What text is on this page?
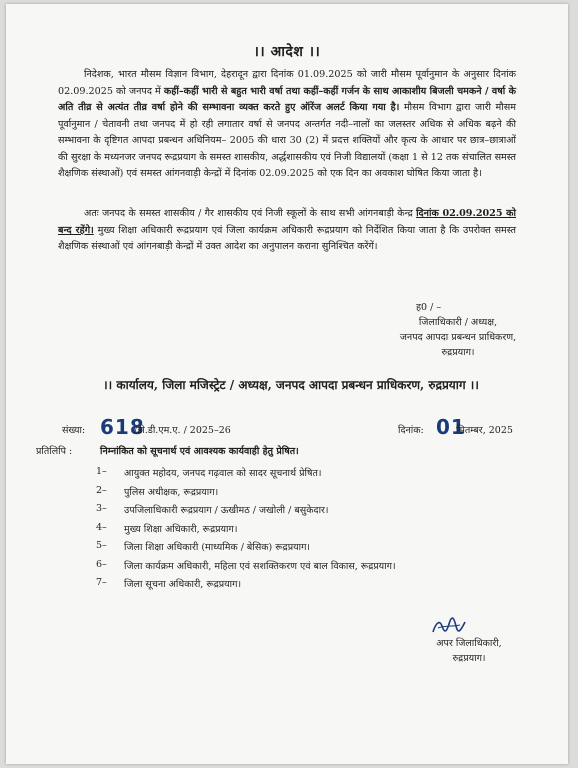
।। आदेश ।।

निदेशक, भारत मौसम विज्ञान विभाग, देहरादून द्वारा दिनांक 01.09.2025 को जारी मौसम पूर्वानुमान के अनुसार दिनांक 02.09.2025 को जनपद में कहीं–कहीं भारी से बहुत भारी वर्षा तथा कहीं–कहीं गर्जन के साथ आकाशीय बिजली चमकने / वर्षा के अति तीव्र से अत्यंत तीव्र वर्षा होने की सम्भावना व्यक्त करते हुए ऑरेंज अलर्ट किया गया है। मौसम विभाग द्वारा जारी मौसम पूर्वानुमान / चेतावनी तथा जनपद में हो रही लगातार वर्षा से जनपद अन्तर्गत नदी–नालों का जलस्तर अधिक से अधिक बढ़ने की सम्भावना के दृष्टिगत आपदा प्रबन्धन अधिनियम– 2005 की धारा 30 (2) में प्रदत्त शक्तियों और कृत्य के आधार पर छात्र–छात्राओं की सुरक्षा के मध्यनजर जनपद रूद्रप्रयाग के समस्त शासकीय, अर्द्धशासकीय एवं निजी विद्यालयों (कक्षा 1 से 12 तक संचालित समस्त शैक्षणिक संस्थाओं) एवं समस्त आंगनवाड़ी केन्द्रों में दिनांक 02.09.2025 को एक दिन का अवकाश घोषित किया जाता है।

अतः जनपद के समस्त शासकीय / गैर शासकीय एवं निजी स्कूलों के साथ सभी आंगनबाड़ी केन्द्र दिनांक 02.09.2025 को बन्द रहेंगे। मुख्य शिक्षा अधिकारी रूद्रप्रयाग एवं जिला कार्यक्रम अधिकारी रूद्रप्रयाग को निर्देशित किया जाता है कि उपरोक्त समस्त शैक्षणिक संस्थाओं एवं आंगनबाड़ी केन्द्रों में उक्त आदेश का अनुपालन कराना सुनिश्चित करेंगें।

ह0 / –
जिलाधिकारी / अध्यक्ष,
जनपद आपदा प्रबन्धन प्राधिकरण,
रुद्रप्रयाग।
।। कार्यालय, जिला मजिस्ट्रेट / अध्यक्ष, जनपद आपदा प्रबन्धन प्राधिकरण, रुद्रप्रयाग ।।
संख्या: 618
/डी.डी.एम.ए. / 2025–26	दिनांक: 01
सितम्बर, 2025
प्रतिलिपि :	निम्नांकित को सूचनार्थ एवं आवश्यक कार्यवाही हेतु प्रेषित।
1– आयुक्त महोदय, जनपद गढ़वाल को सादर सूचनार्थ प्रेषित।
2– पुलिस अधीक्षक, रूद्रप्रयाग।
3– उपजिलाधिकारी रूद्रप्रयाग / ऊखीमठ / जखोली / बसुकेदार।
4– मुख्य शिक्षा अधिकारी, रूद्रप्रयाग।
5– जिला शिक्षा अधिकारी (माध्यमिक / बेसिक) रूद्रप्रयाग।
6– जिला कार्यक्रम अधिकारी, महिला एवं सशक्तिकरण एवं बाल विकास, रूद्रप्रयाग।
7– जिला सूचना अधिकारी, रूद्रप्रयाग।
अपर जिलाधिकारी,
रुद्रप्रयाग।
